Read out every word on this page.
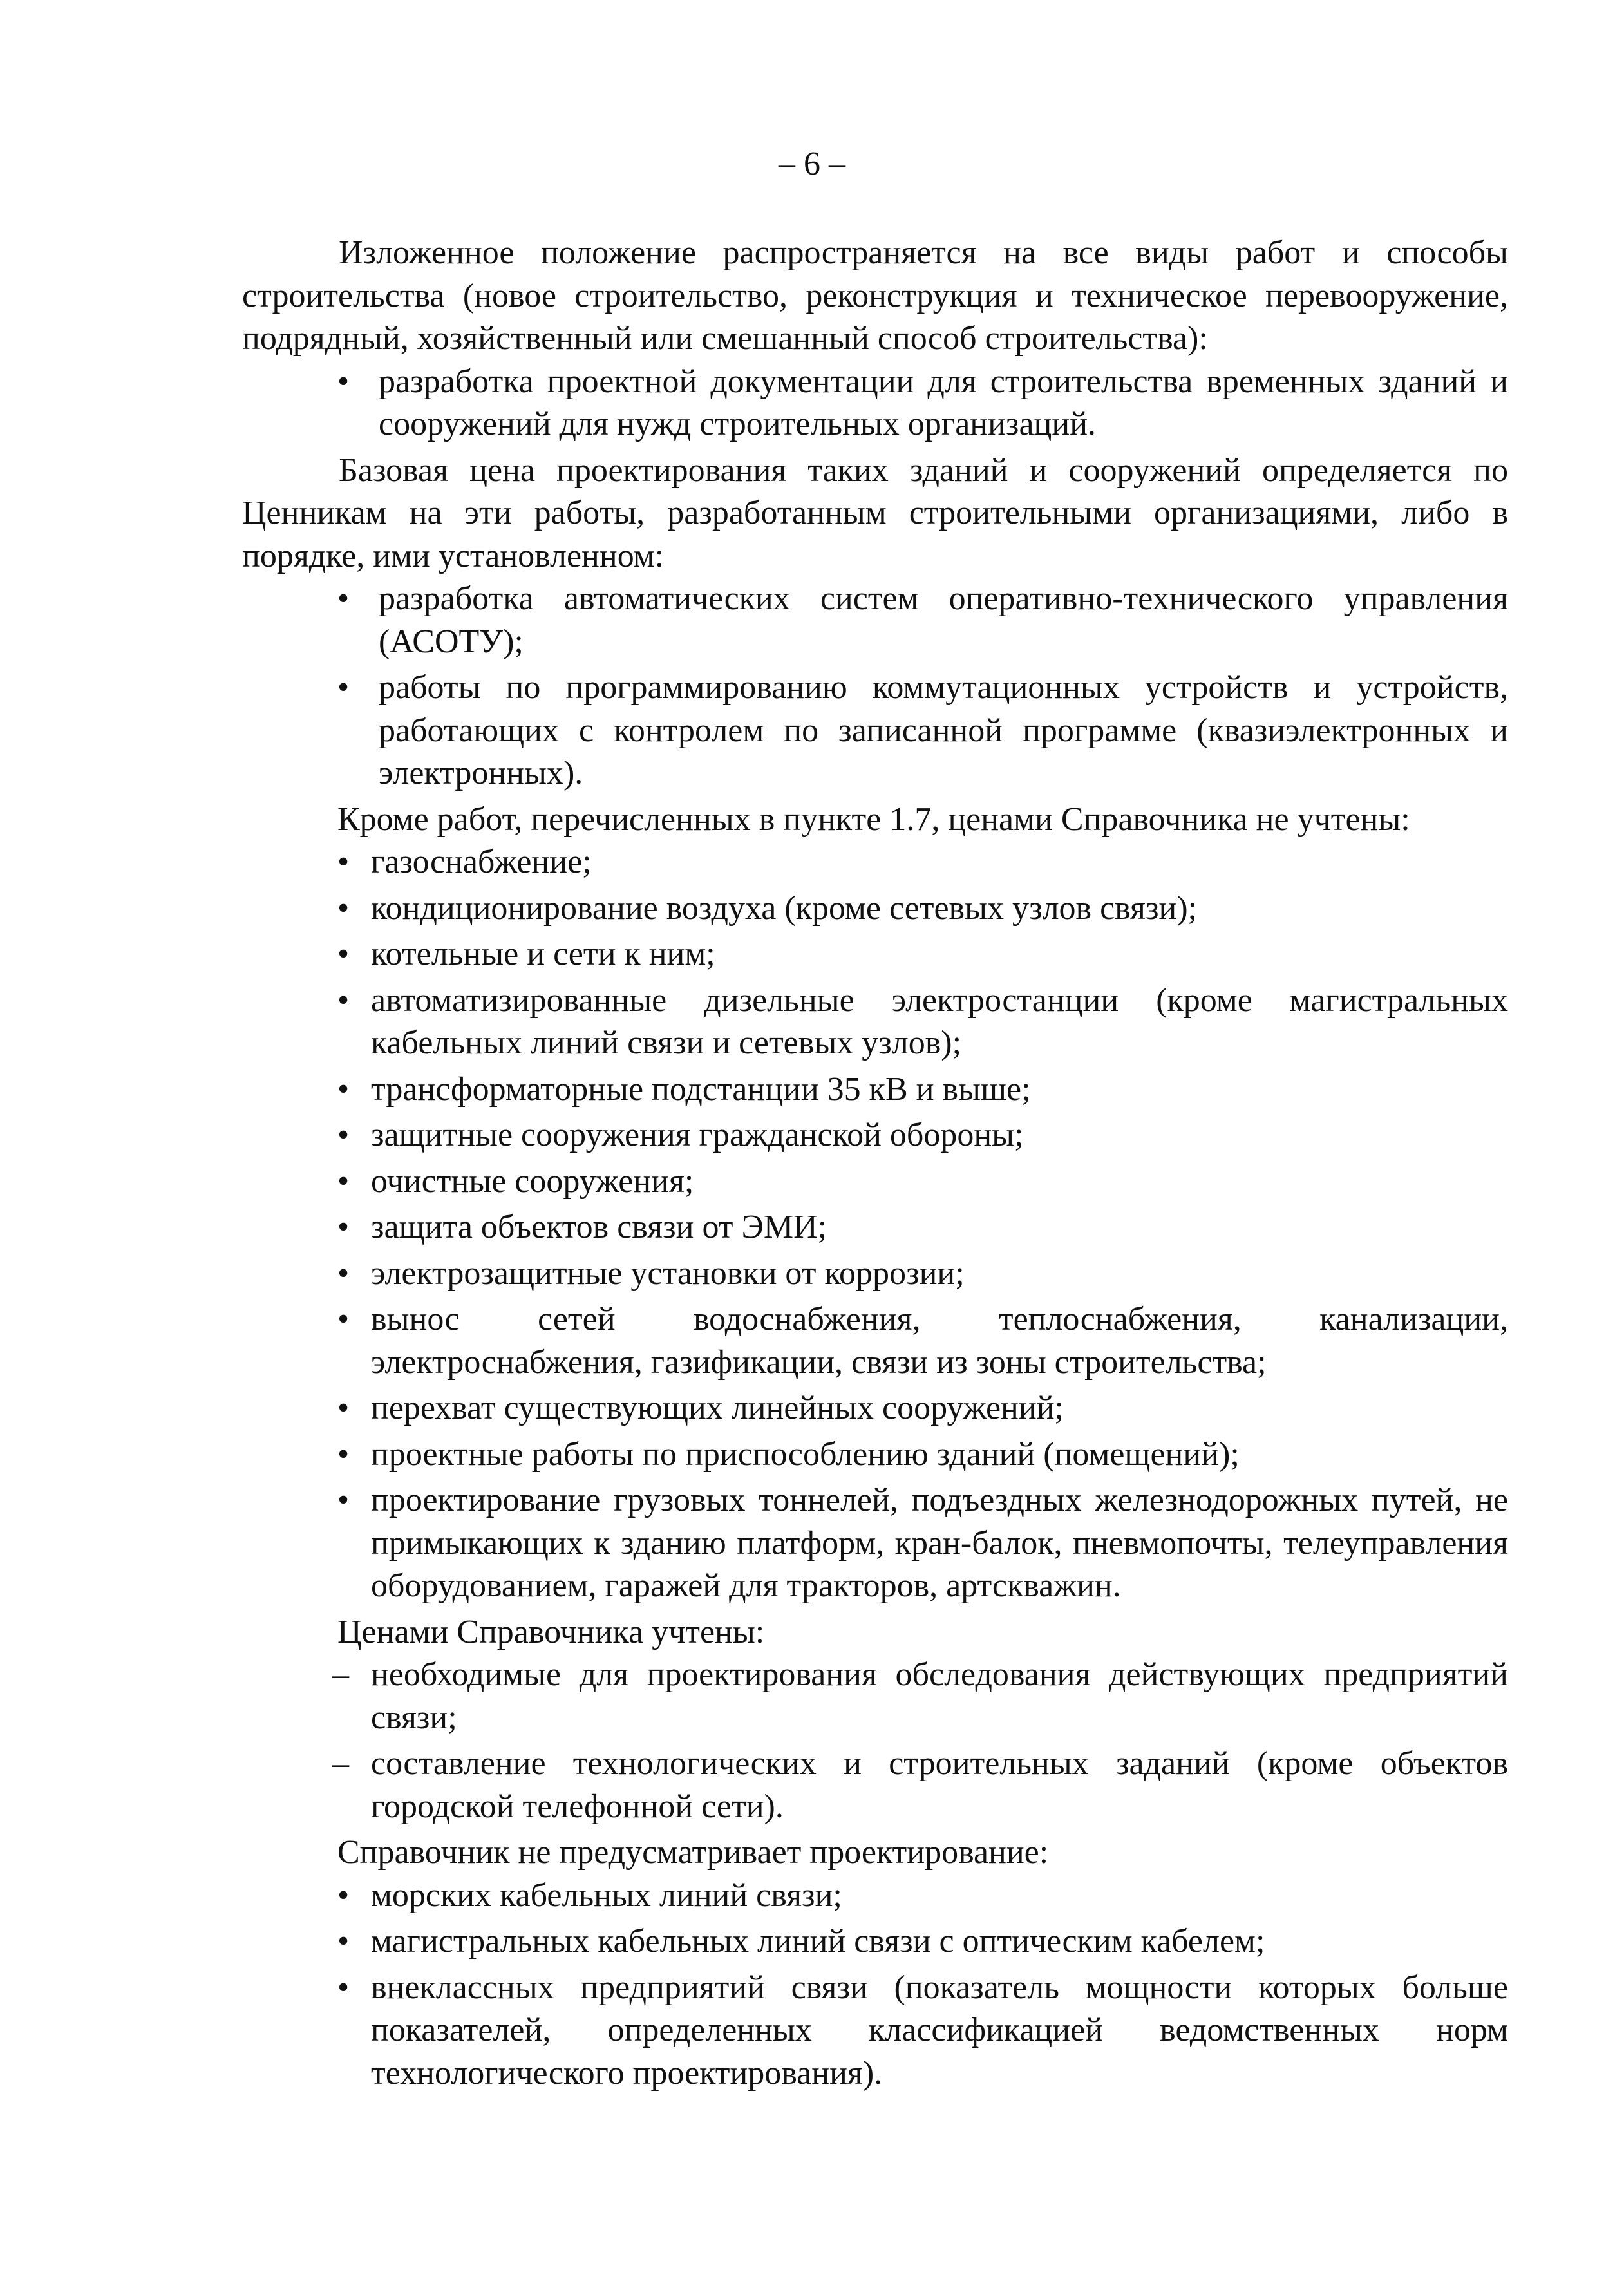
– 6 –

Изложенное положение распространяется на все виды работ и способы строительства (новое строительство, реконструкция и техническое перевооружение, подрядный, хозяйственный или смешанный способ строительства):

• разработка проектной документации для строительства временных зданий и сооружений для нужд строительных организаций.

Базовая цена проектирования таких зданий и сооружений определяется по Ценникам на эти работы, разработанным строительными организациями, либо в порядке, ими установленном:

• разработка автоматических систем оперативно-технического управления (АСОТУ);
• работы по программированию коммутационных устройств и устройств, работающих с контролем по записанной программе (квазиэлектронных и электронных).

Кроме работ, перечисленных в пункте 1.7, ценами Справочника не учтены:

• газоснабжение;
• кондиционирование воздуха (кроме сетевых узлов связи);
• котельные и сети к ним;
• автоматизированные дизельные электростанции (кроме магистральных кабельных линий связи и сетевых узлов);
• трансформаторные подстанции 35 кВ и выше;
• защитные сооружения гражданской обороны;
• очистные сооружения;
• защита объектов связи от ЭМИ;
• электрозащитные установки от коррозии;
• вынос сетей водоснабжения, теплоснабжения, канализации, электроснабжения, газификации, связи из зоны строительства;
• перехват существующих линейных сооружений;
• проектные работы по приспособлению зданий (помещений);
• проектирование грузовых тоннелей, подъездных железнодорожных путей, не примыкающих к зданию платформ, кран-балок, пневмопочты, телеуправления оборудованием, гаражей для тракторов, артскважин.

Ценами Справочника учтены:

– необходимые для проектирования обследования действующих предприятий связи;
– составление технологических и строительных заданий (кроме объектов городской телефонной сети).

Справочник не предусматривает проектирование:

• морских кабельных линий связи;
• магистральных кабельных линий связи с оптическим кабелем;
• внеклассных предприятий связи (показатель мощности которых больше показателей, определенных классификацией ведомственных норм технологического проектирования).
